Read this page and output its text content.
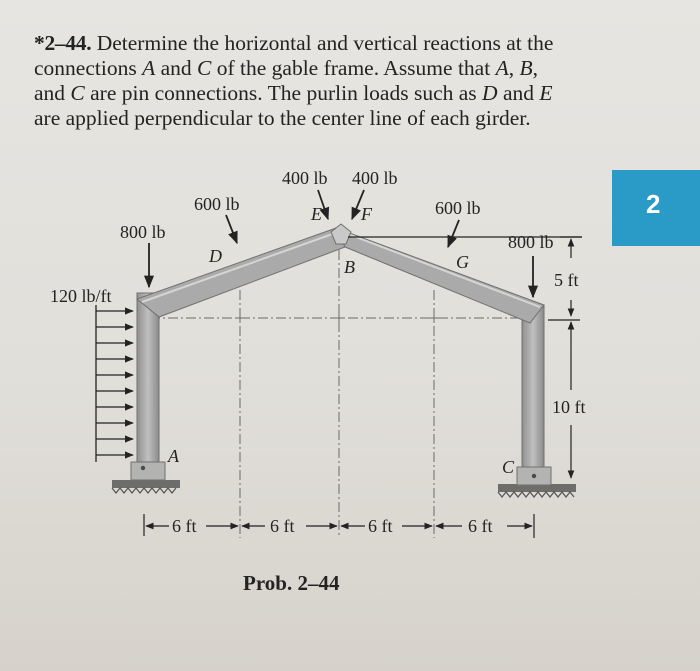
*2–44. Determine the horizontal and vertical reactions at the
connections A and C of the gable frame. Assume that A, B,
and C are pin connections. The purlin loads such as D and E
are applied perpendicular to the center line of each girder.

2
800 lb
120 lb/ft
600 lb
400 lb 400 lb
600 lb
800 lb
D
E F
B	G
A
C
5 ft
10 ft
6 ft	6 ft	6 ft	6 ft
Prob. 2–44
